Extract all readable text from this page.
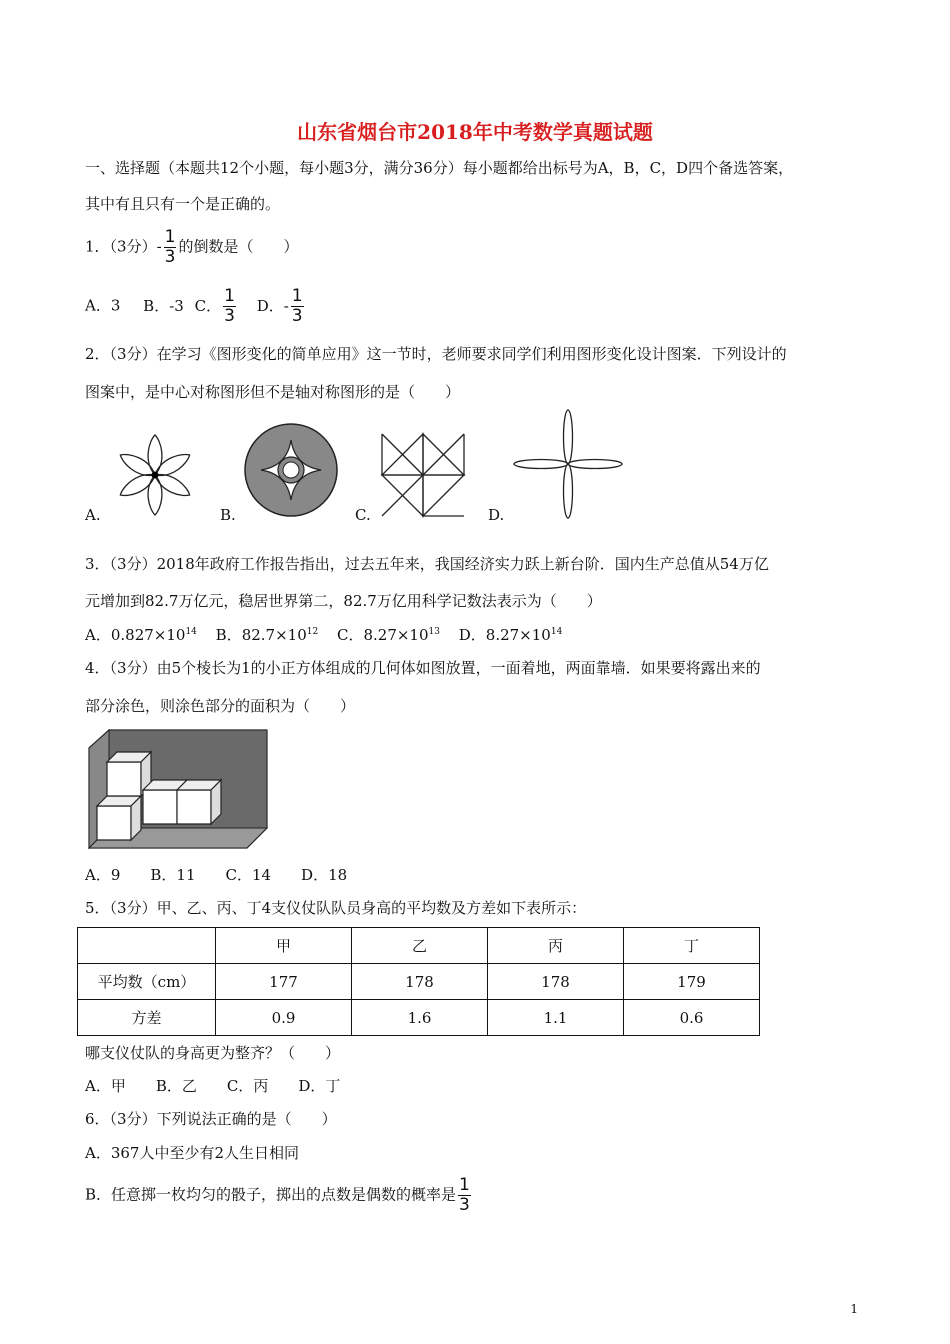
山东省烟台市2018年中考数学真题试题
一、选择题（本题共12个小题，每小题3分，满分36分）每小题都给出标号为A，B，C，D四个备选答案，
其中有且只有一个是正确的。
1．（3分）- $\frac{1}{3}$ 的倒数是（　　）
A．3 B．-3 C． $\frac{1}{3}$ D．- $\frac{1}{3}$
2．（3分）在学习《图形变化的简单应用》这一节时，老师要求同学们利用图形变化设计图案．下列设计的
图案中，是中心对称图形但不是轴对称图形的是（　　）
A.	B.	C.	D.
3．（3分）2018年政府工作报告指出，过去五年来，我国经济实力跃上新台阶．国内生产总值从54万亿
元增加到82.7万亿元，稳居世界第二，82.7万亿用科学记数法表示为（　　）
A．$0.827\times 10^{14}$ B．$82.7\times 10^{12}$ C．$8.27\times 10^{13}$ D．$8.27\times 10^{14}$
4．（3分）由5个棱长为1的小正方体组成的几何体如图放置，一面着地，两面靠墙．如果要将露出来的
部分涂色，则涂色部分的面积为（　　）
A．9　　B．11　　C．14　　D．18
5．（3分）甲、乙、丙、丁4支仪仗队队员身高的平均数及方差如下表所示：
	甲	乙	丙	丁
平均数（cm）	177	178	178	179
方差	0.9	1.6	1.1	0.6
哪支仪仗队的身高更为整齐？（　　）
A．甲　　B．乙　　C．丙　　D．丁
6．（3分）下列说法正确的是（　　）
A．367人中至少有2人生日相同
B．任意掷一枚均匀的骰子，掷出的点数是偶数的概率是 $\frac{1}{3}$
1
